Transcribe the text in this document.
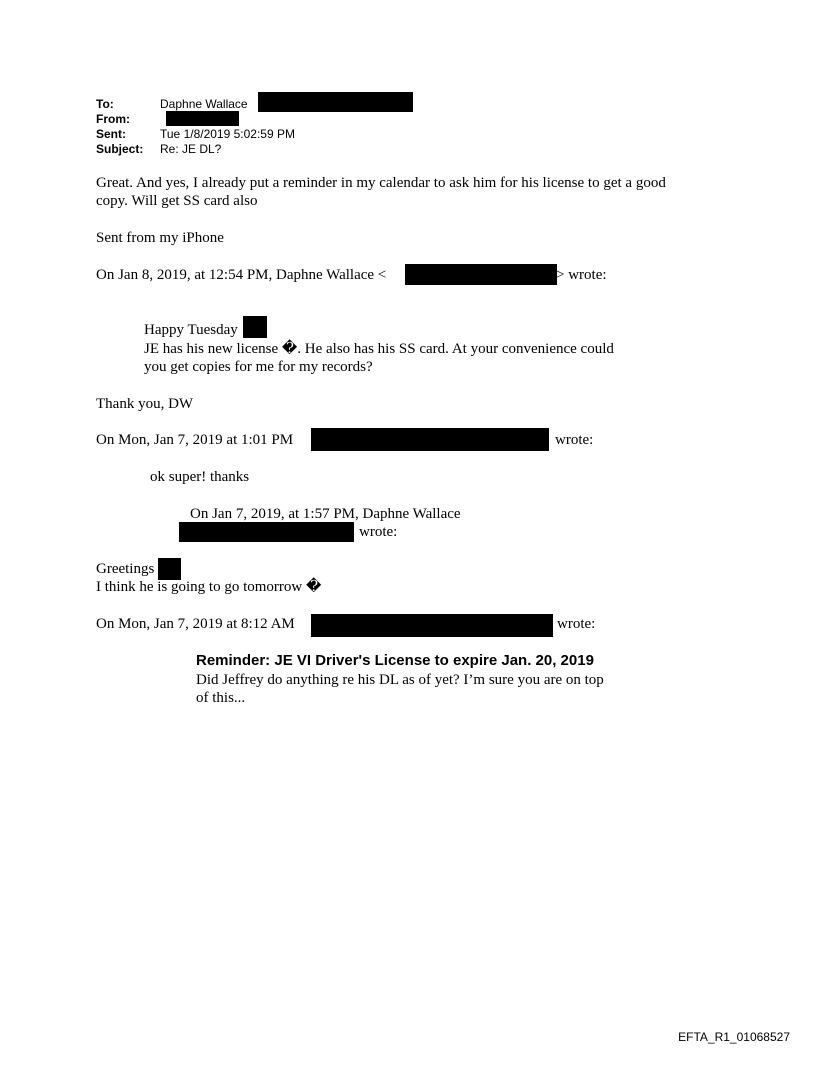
To:	Daphne Wallace
From:
Sent:	Tue 1/8/2019 5:02:59 PM
Subject: Re: JE DL?
Great. And yes, I already put a reminder in my calendar to ask him for his license to get a good
copy. Will get SS card also
Sent from my iPhone
On Jan 8, 2019, at 12:54 PM, Daphne Wallace <	> wrote:
Happy Tuesday
JE has his new license �. He also has his SS card. At your convenience could
you get copies for me for my records?
Thank you, DW
On Mon, Jan 7, 2019 at 1:01 PM	wrote:
ok super! thanks
On Jan 7, 2019, at 1:57 PM, Daphne Wallace
wrote:
Greetings
I think he is going to go tomorrow �
On Mon, Jan 7, 2019 at 8:12 AM	wrote:
Reminder: JE VI Driver's License to expire Jan. 20, 2019
Did Jeffrey do anything re his DL as of yet? I’m sure you are on top
of this...
EFTA_R1_01068527
